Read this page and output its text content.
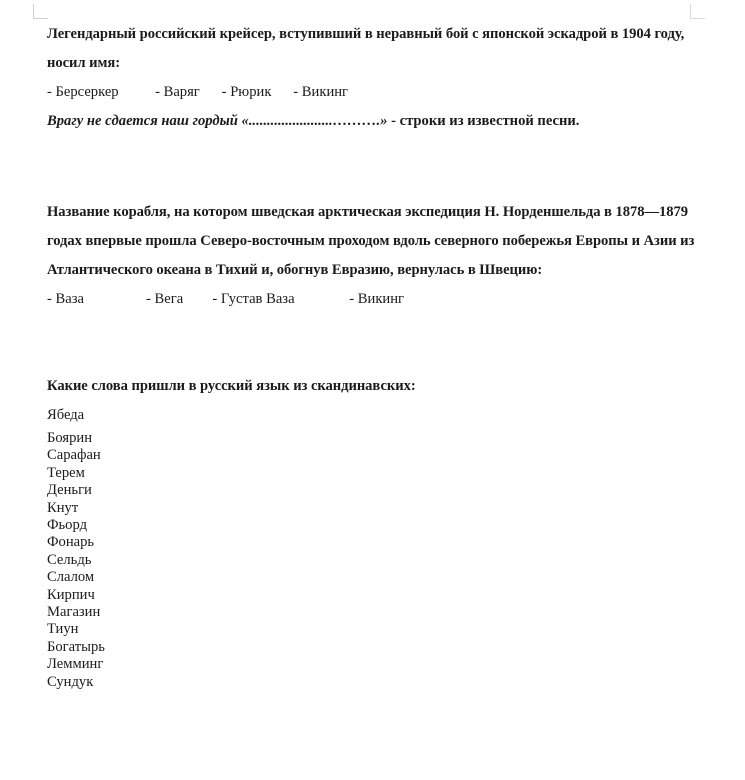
Легендарный российский крейсер, вступивший в неравный бой с японской эскадрой в 1904 году, носил имя:

- Берсеркер          - Варяг      - Рюрик      - Викинг

Врагу не сдается наш гордый «.......................……….» - строки из известной песни.

Название корабля, на котором шведская арктическая экспедиция Н. Норденшельда в 1878—1879 годах впервые прошла Северо-восточным проходом вдоль северного побережья Европы и Азии из Атлантического океана в Тихий и, обогнув Евразию, вернулась в Швецию:

- Ваза                 - Вега        - Густав Ваза               - Викинг

Какие слова пришли в русский язык из скандинавских:

Ябеда

Боярин
Сарафан
Терем
Деньги
Кнут
Фьорд
Фонарь
Сельдь
Слалом
Кирпич
Магазин
Тиун
Богатырь
Лемминг
Сундук
